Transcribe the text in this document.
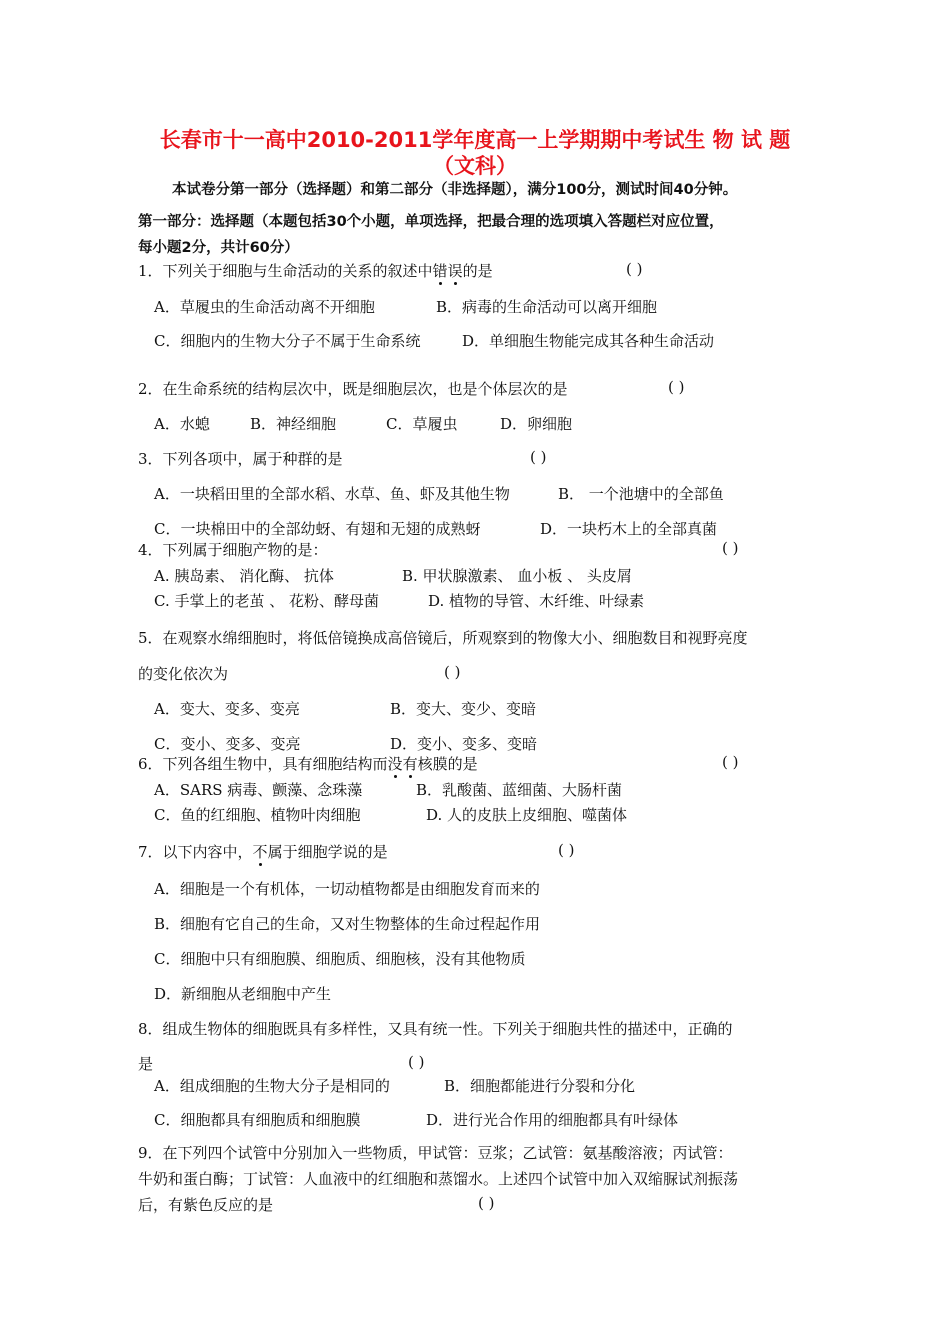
长春市十一高中2010-2011学年度高一上学期期中考试生 物 试 题
（文科）
本试卷分第一部分（选择题）和第二部分（非选择题），满分100分，测试时间40分钟。
第一部分：选择题（本题包括30个小题，单项选择，把最合理的选项填入答题栏对应位置，
每小题2分，共计60分）
1．下列关于细胞与生命活动的关系的叙述中错误的是	( )
A．草履虫的生命活动离不开细胞	B．病毒的生命活动可以离开细胞
C．细胞内的生物大分子不属于生命系统	D．单细胞生物能完成其各种生命活动
2．在生命系统的结构层次中，既是细胞层次，也是个体层次的是	( )
A．水螅	B．神经细胞	C．草履虫	D．卵细胞
3．下列各项中，属于种群的是	( )
A．一块稻田里的全部水稻、水草、鱼、虾及其他生物	B． 一个池塘中的全部鱼
C．一块棉田中的全部幼蚜、有翅和无翅的成熟蚜	D．一块朽木上的全部真菌
4．下列属于细胞产物的是：	( )
A. 胰岛素、 消化酶、 抗体	B. 甲状腺激素、 血小板 、 头皮屑
C. 手掌上的老茧 、 花粉、酵母菌	D. 植物的导管、木纤维、叶绿素
5．在观察水绵细胞时，将低倍镜换成高倍镜后，所观察到的物像大小、细胞数目和视野亮度
的变化依次为	( )
A．变大、变多、变亮	B．变大、变少、变暗
C．变小、变多、变亮	D．变小、变多、变暗
6．下列各组生物中，具有细胞结构而没有核膜的是	( )
A．SARS 病毒、颤藻、念珠藻	B．乳酸菌、蓝细菌、大肠杆菌
C．鱼的红细胞、植物叶肉细胞	D. 人的皮肤上皮细胞、噬菌体
7．以下内容中，不属于细胞学说的是	( )
A．细胞是一个有机体，一切动植物都是由细胞发育而来的
B．细胞有它自己的生命，又对生物整体的生命过程起作用
C．细胞中只有细胞膜、细胞质、细胞核，没有其他物质
D．新细胞从老细胞中产生
8．组成生物体的细胞既具有多样性，又具有统一性。下列关于细胞共性的描述中，正确的
是	( )
A．组成细胞的生物大分子是相同的	B．细胞都能进行分裂和分化
C．细胞都具有细胞质和细胞膜	D．进行光合作用的细胞都具有叶绿体
9．在下列四个试管中分别加入一些物质，甲试管：豆浆；乙试管：氨基酸溶液；丙试管：
牛奶和蛋白酶；丁试管：人血液中的红细胞和蒸馏水。上述四个试管中加入双缩脲试剂振荡
后，有紫色反应的是	( )
